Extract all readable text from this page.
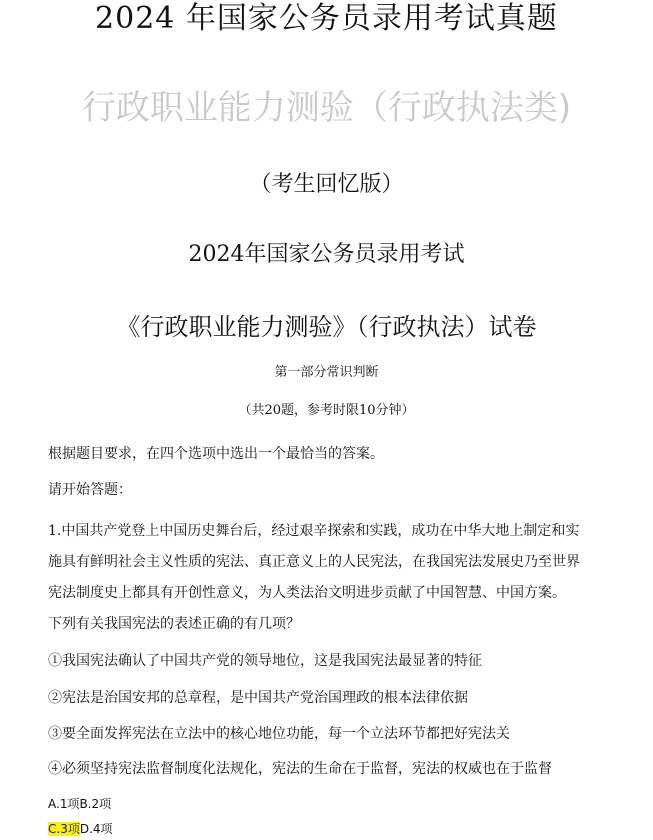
2024 年国家公务员录用考试真题
行政职业能力测验（行政执法类)
（考生回忆版）
2024年国家公务员录用考试
《行政职业能力测验》（行政执法）试卷
第一部分常识判断
（共20题，参考时限10分钟）
根据题目要求，在四个选项中选出一个最恰当的答案。
请开始答题：
1.中国共产党登上中国历史舞台后，经过艰辛探索和实践，成功在中华大地上制定和实
施具有鲜明社会主义性质的宪法、真正意义上的人民宪法，在我国宪法发展史乃至世界
宪法制度史上都具有开创性意义，为人类法治文明进步贡献了中国智慧、中国方案。
下列有关我国宪法的表述正确的有几项？
①我国宪法确认了中国共产党的领导地位，这是我国宪法最显著的特征
②宪法是治国安邦的总章程，是中国共产党治国理政的根本法律依据
③要全面发挥宪法在立法中的核心地位功能，每一个立法环节都把好宪法关
④必须坚持宪法监督制度化法规化，宪法的生命在于监督，宪法的权威也在于监督
A.1项B.2项
C.3项D.4项
